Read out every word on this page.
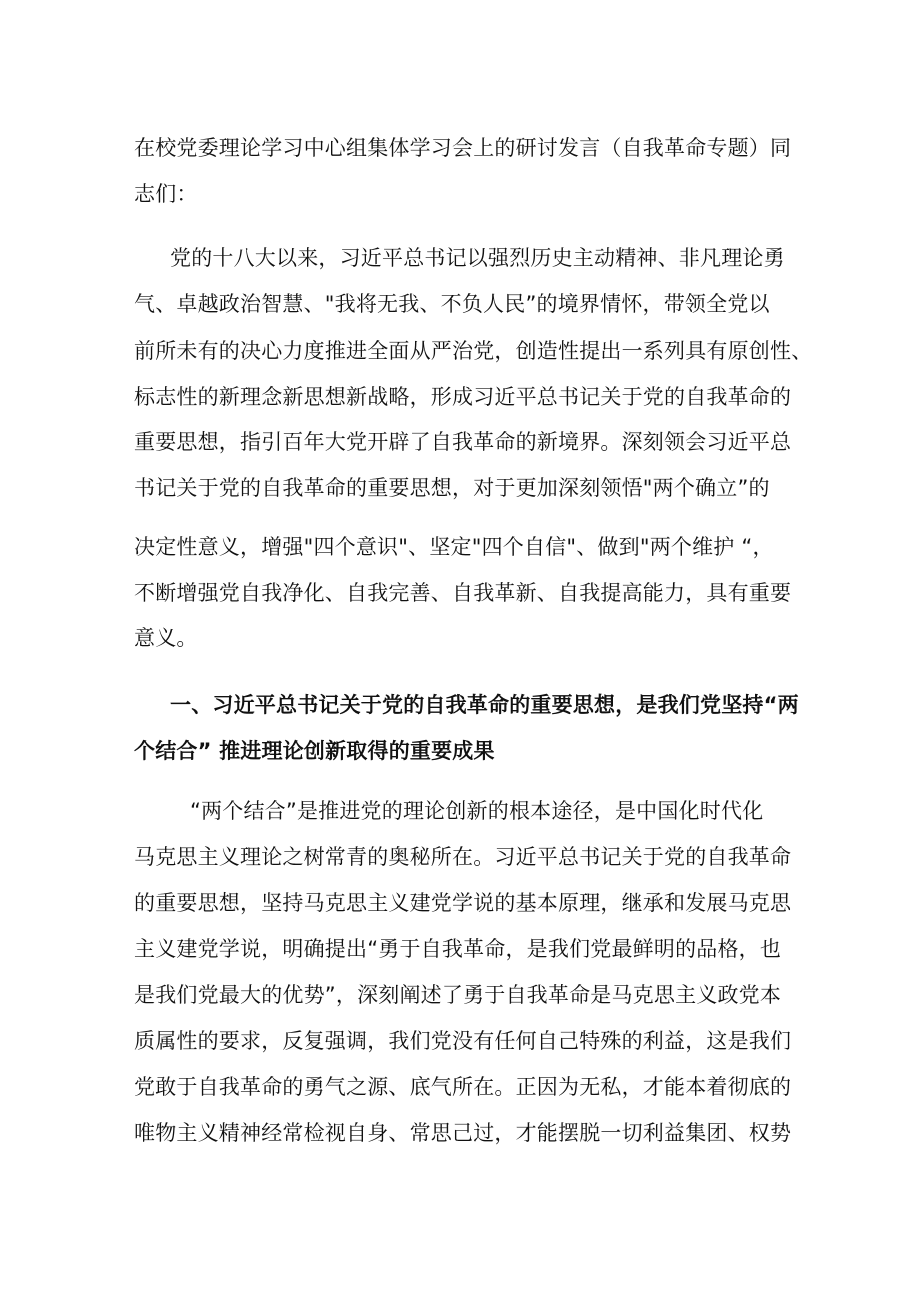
在校党委理论学习中心组集体学习会上的研讨发言（自我革命专题）同
志们：
党的十八大以来，习近平总书记以强烈历史主动精神、非凡理论勇
气、卓越政治智慧、"我将无我、不负人民”的境界情怀，带领全党以
前所未有的决心力度推进全面从严治党，创造性提出一系列具有原创性、
标志性的新理念新思想新战略，形成习近平总书记关于党的自我革命的
重要思想，指引百年大党开辟了自我革命的新境界。深刻领会习近平总
书记关于党的自我革命的重要思想，对于更加深刻领悟"两个确立”的
决定性意义，增强"四个意识"、坚定"四个自信"、做到"两个维护 “，
不断增强党自我净化、自我完善、自我革新、自我提高能力，具有重要
意义。
一、习近平总书记关于党的自我革命的重要思想，是我们党坚持“两
个结合” 推进理论创新取得的重要成果
“两个结合”是推进党的理论创新的根本途径，是中国化时代化
马克思主义理论之树常青的奥秘所在。习近平总书记关于党的自我革命
的重要思想，坚持马克思主义建党学说的基本原理，继承和发展马克思
主义建党学说，明确提出“勇于自我革命，是我们党最鲜明的品格，也
是我们党最大的优势”，深刻阐述了勇于自我革命是马克思主义政党本
质属性的要求，反复强调，我们党没有任何自己特殊的利益，这是我们
党敢于自我革命的勇气之源、底气所在。正因为无私，才能本着彻底的
唯物主义精神经常检视自身、常思己过，才能摆脱一切利益集团、权势
